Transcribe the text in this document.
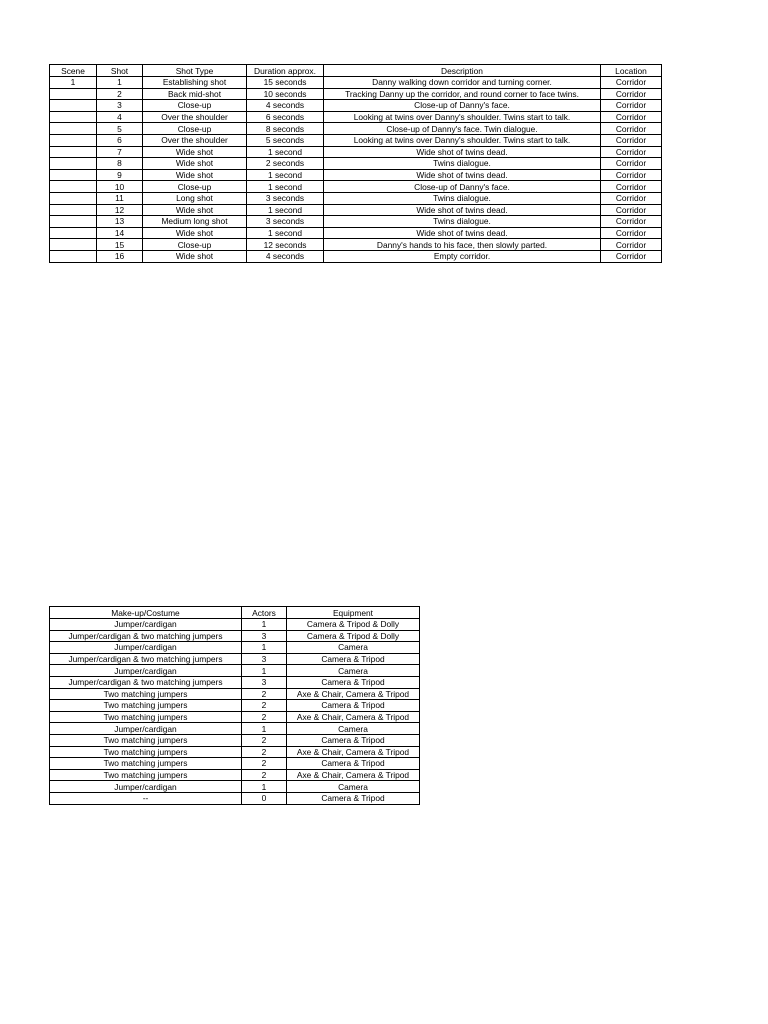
Scene	Shot	Shot Type	Duration approx.	Description	Location
1	1	Establishing shot	15 seconds	Danny walking down corridor and turning corner.	Corridor
	2	Back mid-shot	10 seconds	Tracking Danny up the corridor, and round corner to face twins.	Corridor
	3	Close-up	4 seconds	Close-up of Danny's face.	Corridor
	4	Over the shoulder	6 seconds	Looking at twins over Danny's shoulder. Twins start to talk.	Corridor
	5	Close-up	8 seconds	Close-up of Danny's face. Twin dialogue.	Corridor
	6	Over the shoulder	5 seconds	Looking at twins over Danny's shoulder. Twins start to talk.	Corridor
	7	Wide shot	1 second	Wide shot of twins dead.	Corridor
	8	Wide shot	2 seconds	Twins dialogue.	Corridor
	9	Wide shot	1 second	Wide shot of twins dead.	Corridor
	10	Close-up	1 second	Close-up of Danny's face.	Corridor
	11	Long shot	3 seconds	Twins dialogue.	Corridor
	12	Wide shot	1 second	Wide shot of twins dead.	Corridor
	13	Medium long shot	3 seconds	Twins dialogue.	Corridor
	14	Wide shot	1 second	Wide shot of twins dead.	Corridor
	15	Close-up	12 seconds	Danny's hands to his face, then slowly parted.	Corridor
	16	Wide shot	4 seconds	Empty corridor.	Corridor
Make-up/Costume	Actors	Equipment
Jumper/cardigan	1	Camera & Tripod & Dolly
Jumper/cardigan & two matching jumpers	3	Camera & Tripod & Dolly
Jumper/cardigan	1	Camera
Jumper/cardigan & two matching jumpers	3	Camera & Tripod
Jumper/cardigan	1	Camera
Jumper/cardigan & two matching jumpers	3	Camera & Tripod
Two matching jumpers	2	Axe & Chair, Camera & Tripod
Two matching jumpers	2	Camera & Tripod
Two matching jumpers	2	Axe & Chair, Camera & Tripod
Jumper/cardigan	1	Camera
Two matching jumpers	2	Camera & Tripod
Two matching jumpers	2	Axe & Chair, Camera & Tripod
Two matching jumpers	2	Camera & Tripod
Two matching jumpers	2	Axe & Chair, Camera & Tripod
Jumper/cardigan	1	Camera
--	0	Camera & Tripod
